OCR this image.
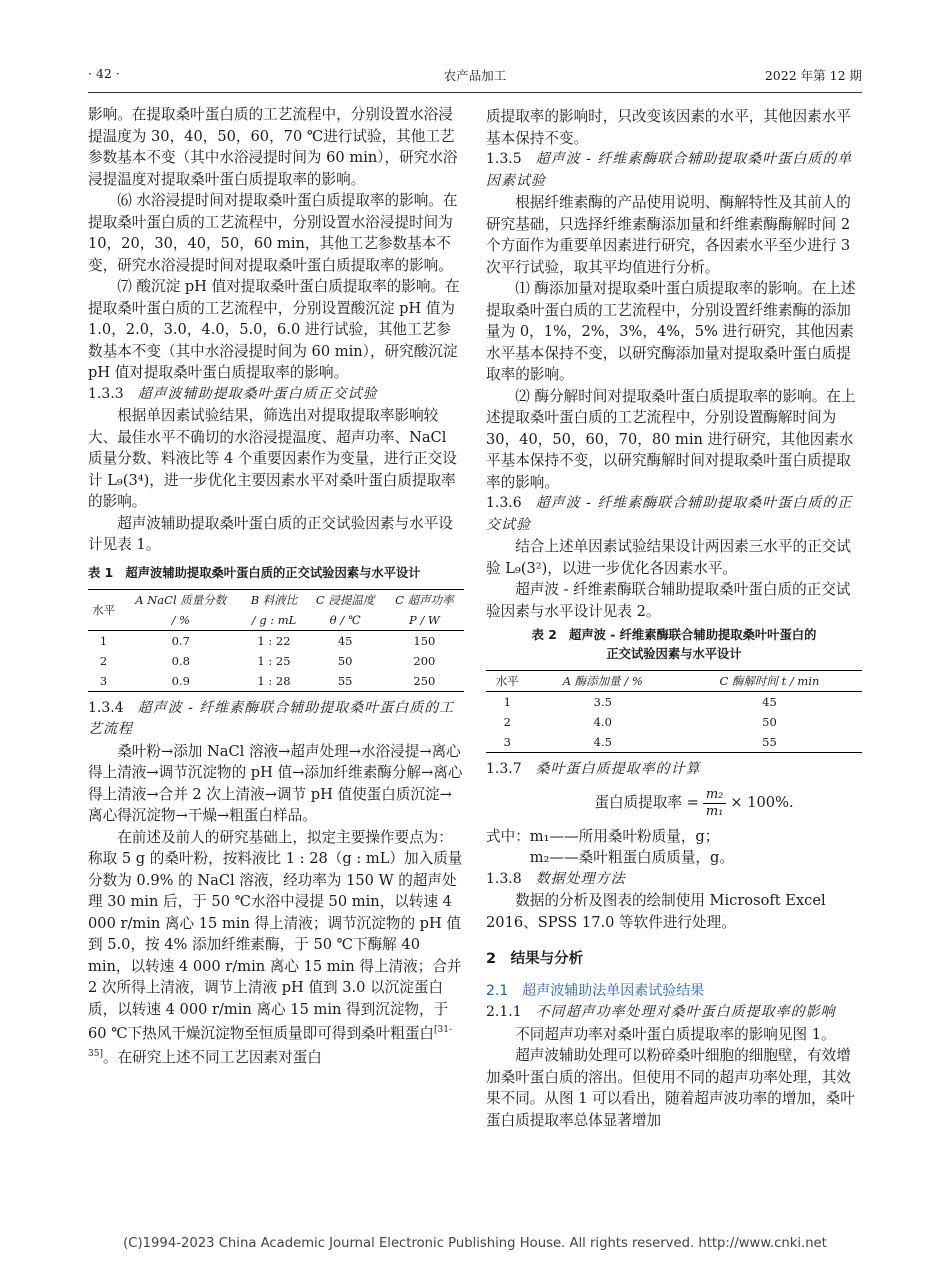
· 42 ·	农产品加工	2022 年第 12 期

影响。在提取桑叶蛋白质的工艺流程中，分别设置水浴浸提温度为 30，40，50，60，70 ℃进行试验，其他工艺参数基本不变（其中水浴浸提时间为 60 min），研究水浴浸提温度对提取桑叶蛋白质提取率的影响。

⑹ 水浴浸提时间对提取桑叶蛋白质提取率的影响。在提取桑叶蛋白质的工艺流程中，分别设置水浴浸提时间为 10，20，30，40，50，60 min，其他工艺参数基本不变，研究水浴浸提时间对提取桑叶蛋白质提取率的影响。

⑺ 酸沉淀 pH 值对提取桑叶蛋白质提取率的影响。在提取桑叶蛋白质的工艺流程中，分别设置酸沉淀 pH 值为 1.0，2.0，3.0，4.0，5.0，6.0 进行试验，其他工艺参数基本不变（其中水浴浸提时间为 60 min），研究酸沉淀 pH 值对提取桑叶蛋白质提取率的影响。

1.3.3 超声波辅助提取桑叶蛋白质正交试验

根据单因素试验结果，筛选出对提取提取率影响较大、最佳水平不确切的水浴浸提温度、超声功率、NaCl 质量分数、料液比等 4 个重要因素作为变量，进行正交设计 L₉(3⁴)，进一步优化主要因素水平对桑叶蛋白质提取率的影响。

超声波辅助提取桑叶蛋白质的正交试验因素与水平设计见表 1。

表 1　超声波辅助提取桑叶蛋白质的正交试验因素与水平设计
水平	A NaCl 质量分数	B 料液比	C 浸提温度	C 超声功率
	/ %	/ g : mL	θ / ℃	P / W
1	0.7	1 : 22	45	150
2	0.8	1 : 25	50	200
3	0.9	1 : 28	55	250

1.3.4 超声波 - 纤维素酶联合辅助提取桑叶蛋白质的工艺流程

桑叶粉→添加 NaCl 溶液→超声处理→水浴浸提→离心得上清液→调节沉淀物的 pH 值→添加纤维素酶分解→离心得上清液→合并 2 次上清液→调节 pH 值使蛋白质沉淀→离心得沉淀物→干燥→粗蛋白样品。

在前述及前人的研究基础上，拟定主要操作要点为：称取 5 g 的桑叶粉，按料液比 1 : 28（g : mL）加入质量分数为 0.9% 的 NaCl 溶液，经功率为 150 W 的超声处理 30 min 后，于 50 ℃水浴中浸提 50 min，以转速 4 000 r/min 离心 15 min 得上清液；调节沉淀物的 pH 值到 5.0，按 4% 添加纤维素酶，于 50 ℃下酶解 40 min，以转速 4 000 r/min 离心 15 min 得上清液；合并 2 次所得上清液，调节上清液 pH 值到 3.0 以沉淀蛋白质，以转速 4 000 r/min 离心 15 min 得到沉淀物，于 60 ℃下热风干燥沉淀物至恒质量即可得到桑叶粗蛋白[31-35]。在研究上述不同工艺因素对蛋白

质提取率的影响时，只改变该因素的水平，其他因素水平基本保持不变。

1.3.5 超声波 - 纤维素酶联合辅助提取桑叶蛋白质的单因素试验

根据纤维素酶的产品使用说明、酶解特性及其前人的研究基础，只选择纤维素酶添加量和纤维素酶酶解时间 2 个方面作为重要单因素进行研究，各因素水平至少进行 3 次平行试验，取其平均值进行分析。

⑴ 酶添加量对提取桑叶蛋白质提取率的影响。在上述提取桑叶蛋白质的工艺流程中，分别设置纤维素酶的添加量为 0，1%，2%，3%，4%，5% 进行研究，其他因素水平基本保持不变，以研究酶添加量对提取桑叶蛋白质提取率的影响。

⑵ 酶分解时间对提取桑叶蛋白质提取率的影响。在上述提取桑叶蛋白质的工艺流程中，分别设置酶解时间为 30，40，50，60，70，80 min 进行研究，其他因素水平基本保持不变，以研究酶解时间对提取桑叶蛋白质提取率的影响。

1.3.6 超声波 - 纤维素酶联合辅助提取桑叶蛋白质的正交试验

结合上述单因素试验结果设计两因素三水平的正交试验 L₉(3²)，以进一步优化各因素水平。

超声波 - 纤维素酶联合辅助提取桑叶蛋白质的正交试验因素与水平设计见表 2。

表 2　超声波 - 纤维素酶联合辅助提取桑叶叶蛋白的
正交试验因素与水平设计
水平	A 酶添加量 / %	C 酶解时间 t / min
1	3.5	45
2	4.0	50
3	4.5	55

1.3.7 桑叶蛋白质提取率的计算

蛋白质提取率 = $\frac{\text{m₂}}{\text{m₁}} \times 100\%$.

式中：m₁——所用桑叶粉质量，g；

m₂——桑叶粗蛋白质质量，g。

1.3.8 数据处理方法

数据的分析及图表的绘制使用 Microsoft Excel 2016、SPSS 17.0 等软件进行处理。

2　结果与分析
2.1　超声波辅助法单因素试验结果

2.1.1 不同超声功率处理对桑叶蛋白质提取率的影响

不同超声功率对桑叶蛋白质提取率的影响见图 1。

超声波辅助处理可以粉碎桑叶细胞的细胞壁，有效增加桑叶蛋白质的溶出。但使用不同的超声功率处理，其效果不同。从图 1 可以看出，随着超声波功率的增加，桑叶蛋白质提取率总体显著增加

(C)1994-2023 China Academic Journal Electronic Publishing House. All rights reserved. http://www.cnki.net
